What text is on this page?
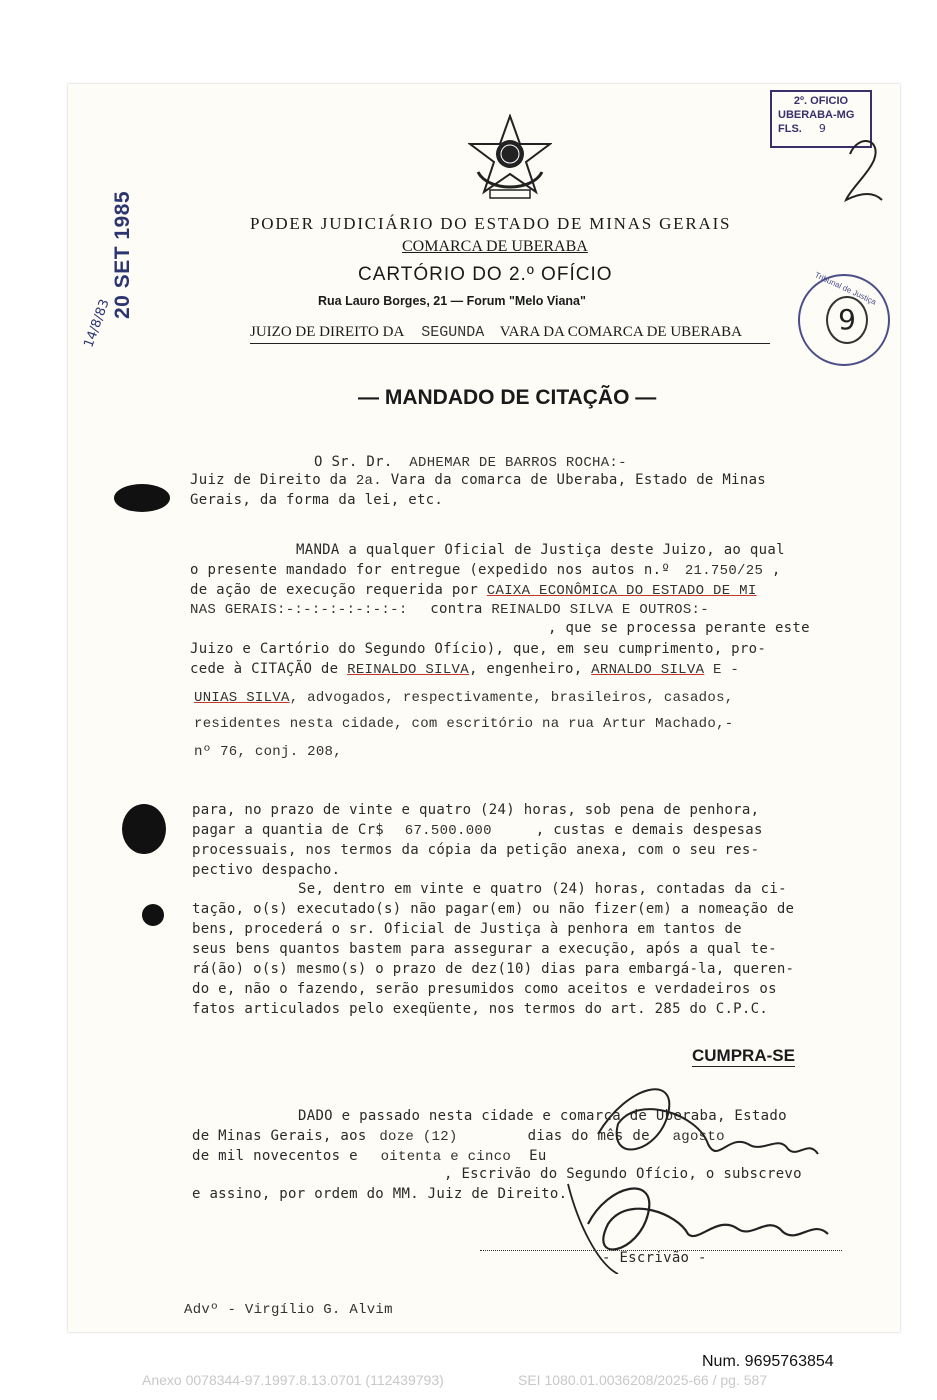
2º. OFICIO
UBERABA-MG
FLS. 9
Tribunal de Justiça
9
20 SET 1985
14/8/83
PODER JUDICIÁRIO DO ESTADO DE MINAS GERAIS
COMARCA DE UBERABA
CARTÓRIO DO 2.º OFÍCIO
Rua Lauro Borges, 21 — Forum "Melo Viana"
JUIZO DE DIREITO DA SEGUNDA VARA DA COMARCA DE UBERABA
— MANDADO DE CITAÇÃO —
O Sr. Dr. ADHEMAR DE BARROS ROCHA:-
Juiz de Direito da 2a. Vara da comarca de Uberaba, Estado de Minas
Gerais, da forma da lei, etc.
MANDA a qualquer Oficial de Justiça deste Juizo, ao qual
o presente mandado for entregue (expedido nos autos n.º 21.750/25 ,
de ação de execução requerida por CAIXA ECONÔMICA DO ESTADO DE MI
NAS GERAIS:-:-:-:-:-:-:-: contra REINALDO SILVA E OUTROS:-
, que se processa perante este
Juizo e Cartório do Segundo Ofício), que, em seu cumprimento, pro-
cede à CITAÇÃO de REINALDO SILVA, engenheiro, ARNALDO SILVA E -
UNIAS SILVA, advogados, respectivamente, brasileiros, casados,
residentes nesta cidade, com escritório na rua Artur Machado,-
nº 76, conj. 208,
para, no prazo de vinte e quatro (24) horas, sob pena de penhora,
pagar a quantia de Cr$ 67.500.000	, custas e demais despesas
processuais, nos termos da cópia da petição anexa, com o seu res-
pectivo despacho.
Se, dentro em vinte e quatro (24) horas, contadas da ci-
tação, o(s) executado(s) não pagar(em) ou não fizer(em) a nomeação de
bens, procederá o sr. Oficial de Justiça à penhora em tantos de
seus bens quantos bastem para assegurar a execução, após a qual te-
rá(ão) o(s) mesmo(s) o prazo de dez(10) dias para embargá-la, queren-
do e, não o fazendo, serão presumidos como aceitos e verdadeiros os
fatos articulados pelo exeqüente, nos termos do art. 285 do C.P.C.
CUMPRA-SE
DADO e passado nesta cidade e comarca de Uberaba, Estado
de Minas Gerais, aos doze (12)	dias do mês de agosto
de mil novecentos e oitenta e cinco Eu
, Escrivão do Segundo Ofício, o subscrevo
e assino, por ordem do MM. Juiz de Direito.
- Escrivão -
Advº - Virgílio G. Alvim
Num. 9695763854
Anexo 0078344-97.1997.8.13.0701 (112439793)	SEI 1080.01.0036208/2025-66 / pg. 587
